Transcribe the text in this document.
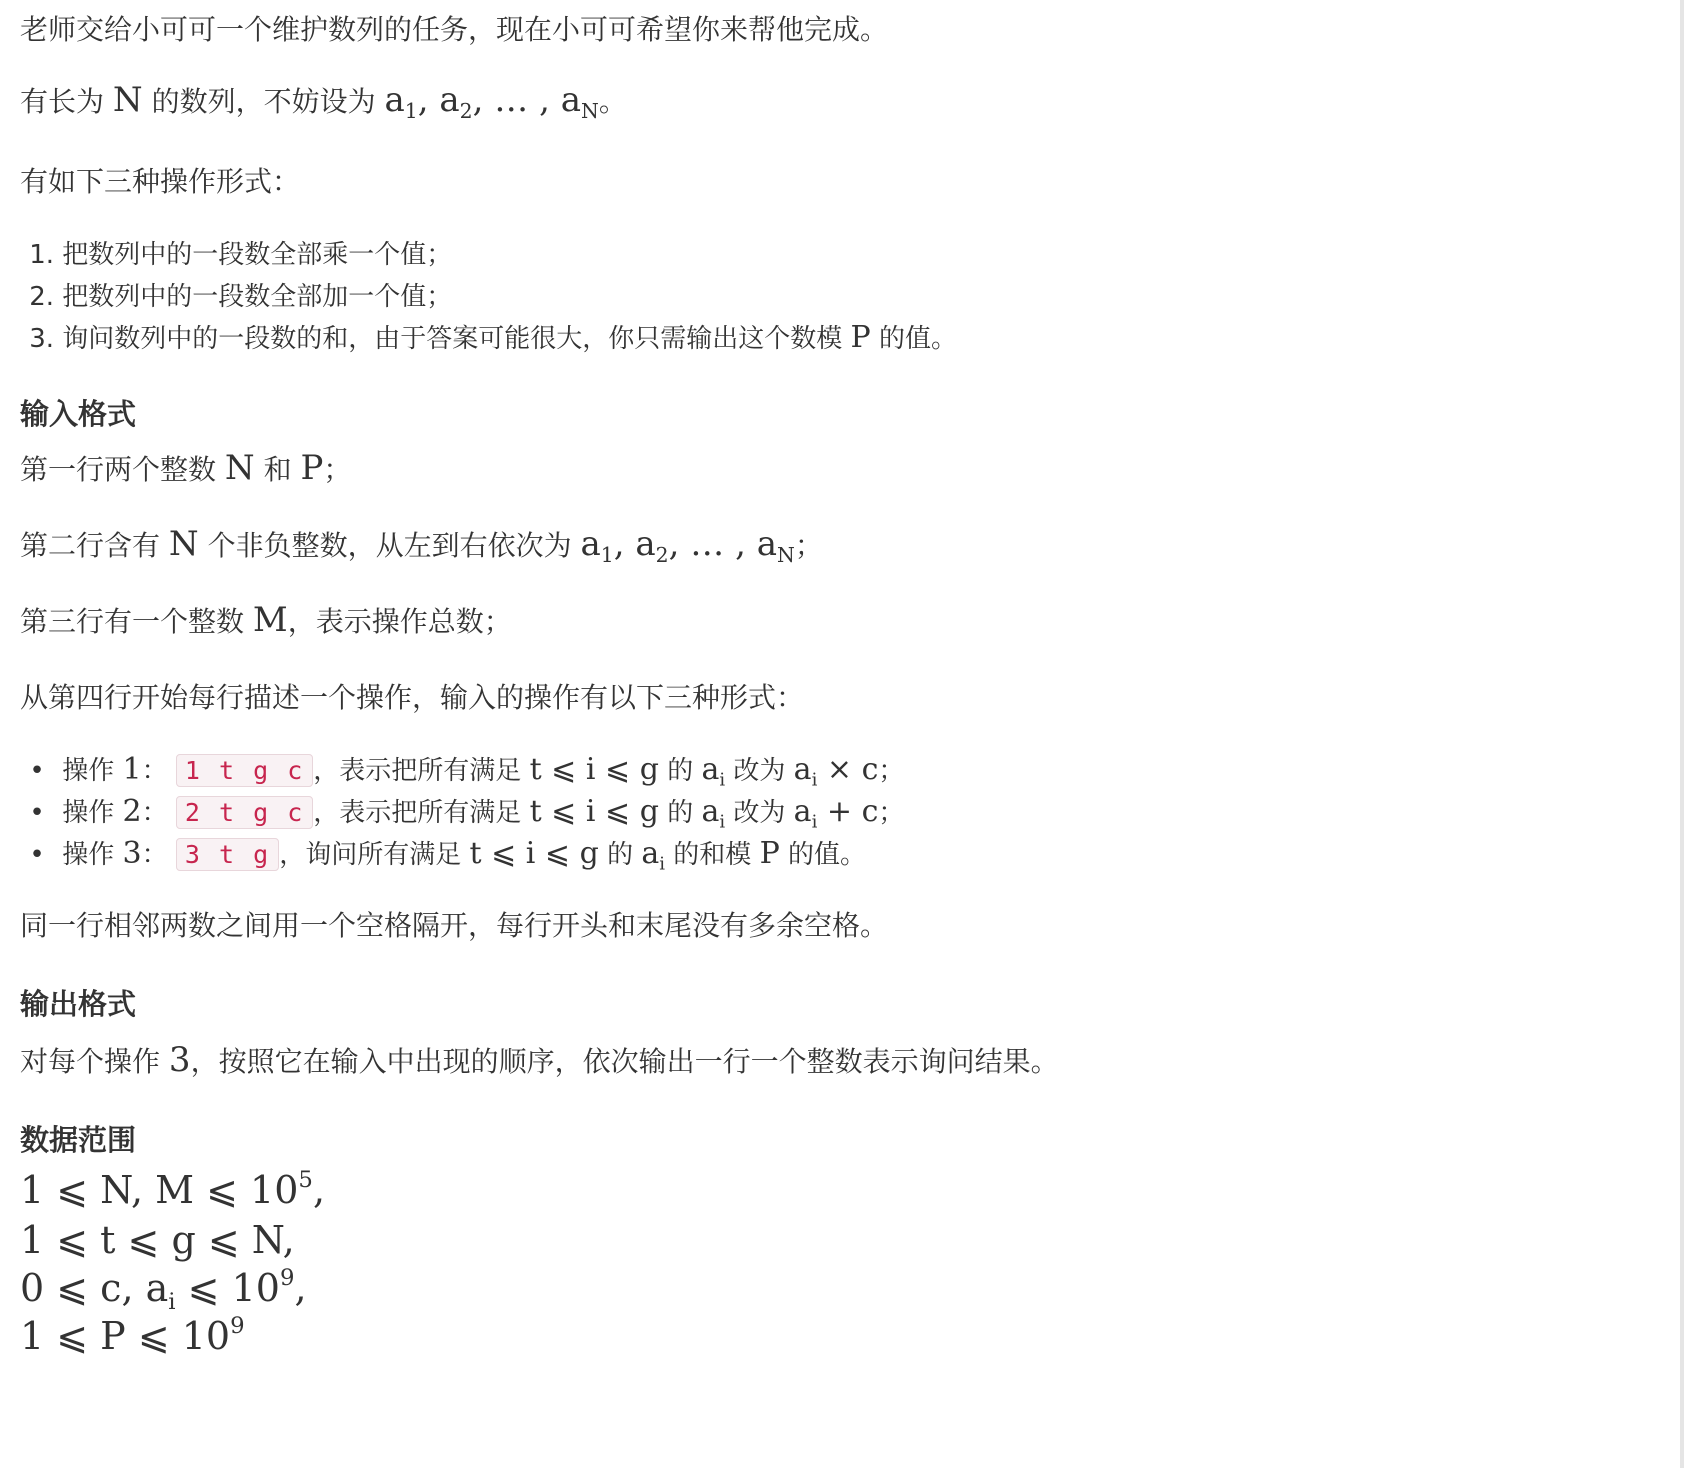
老师交给小可可一个维护数列的任务，现在小可可希望你来帮他完成。
有长为 N 的数列，不妨设为 $a_1$, $a_2$, … , $a_N$。
有如下三种操作形式：
1. 把数列中的一段数全部乘一个值；
2. 把数列中的一段数全部加一个值；
3. 询问数列中的一段数的和，由于答案可能很大，你只需输出这个数模 P 的值。
输入格式
第一行两个整数 N 和 P；
第二行含有 N 个非负整数，从左到右依次为 $a_1$, $a_2$, … , $a_N$；
第三行有一个整数 M，表示操作总数；
从第四行开始每行描述一个操作，输入的操作有以下三种形式：
• 操作 1： 1 t g c ，表示把所有满足 t ⩽ i ⩽ g 的 $a_i$ 改为 $a_i \times c$；
• 操作 2： 2 t g c ，表示把所有满足 t ⩽ i ⩽ g 的 $a_i$ 改为 $a_i + c$；
• 操作 3： 3 t g ，询问所有满足 t ⩽ i ⩽ g 的 $a_i$ 的和模 P 的值。
同一行相邻两数之间用一个空格隔开，每行开头和末尾没有多余空格。
输出格式
对每个操作 3，按照它在输入中出现的顺序，依次输出一行一个整数表示询问结果。
数据范围
1 ⩽ N, M ⩽ $10^5$,
1 ⩽ t ⩽ g ⩽ N,
0 ⩽ c, $a_i$ ⩽ $10^9$,
1 ⩽ P ⩽ $10^9$
